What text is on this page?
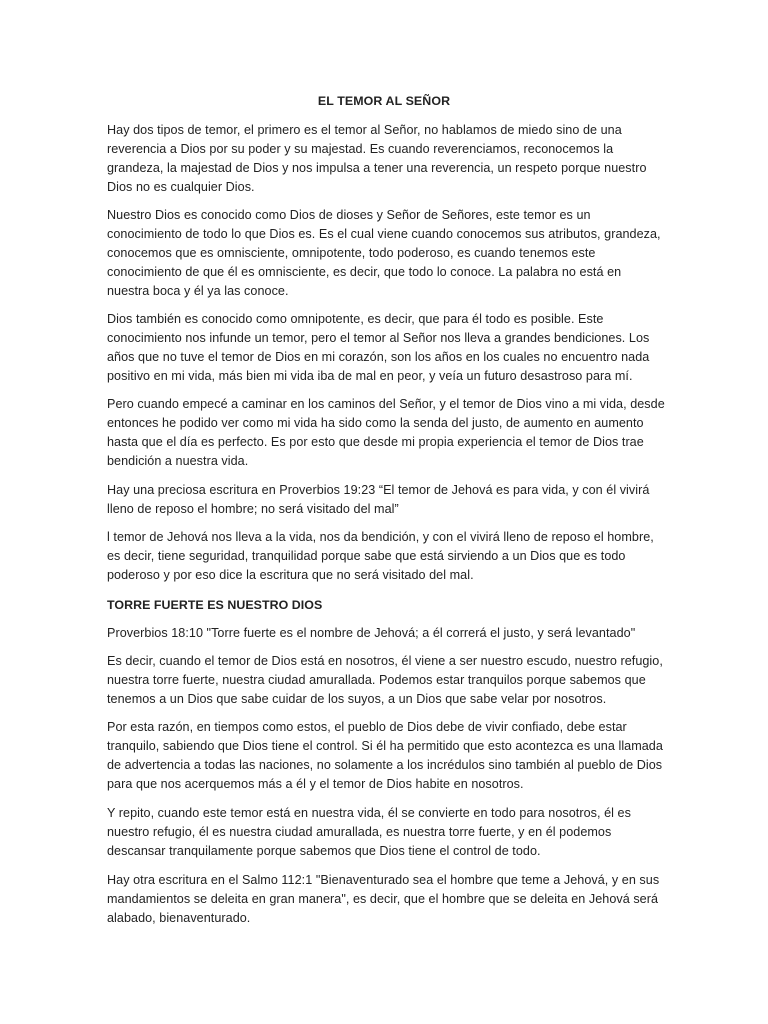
EL TEMOR AL SEÑOR

Hay dos tipos de temor, el primero es el temor al Señor, no hablamos de miedo sino de una reverencia a Dios por su poder y su majestad. Es cuando reverenciamos, reconocemos la grandeza, la majestad de Dios y nos impulsa a tener una reverencia, un respeto porque nuestro Dios no es cualquier Dios.

Nuestro Dios es conocido como Dios de dioses y Señor de Señores, este temor es un conocimiento de todo lo que Dios es. Es el cual viene cuando conocemos sus atributos, grandeza, conocemos que es omnisciente, omnipotente, todo poderoso, es cuando tenemos este conocimiento de que él es omnisciente, es decir, que todo lo conoce. La palabra no está en nuestra boca y él ya las conoce.

Dios también es conocido como omnipotente, es decir, que para él todo es posible. Este conocimiento nos infunde un temor, pero el temor al Señor nos lleva a grandes bendiciones. Los años que no tuve el temor de Dios en mi corazón, son los años en los cuales no encuentro nada positivo en mi vida, más bien mi vida iba de mal en peor, y veía un futuro desastroso para mí.

Pero cuando empecé a caminar en los caminos del Señor, y el temor de Dios vino a mi vida, desde entonces he podido ver como mi vida ha sido como la senda del justo, de aumento en aumento hasta que el día es perfecto. Es por esto que desde mi propia experiencia el temor de Dios trae bendición a nuestra vida.

Hay una preciosa escritura en Proverbios 19:23 “El temor de Jehová es para vida, y con él vivirá lleno de reposo el hombre; no será visitado del mal”

l temor de Jehová nos lleva a la vida, nos da bendición, y con el vivirá lleno de reposo el hombre, es decir, tiene seguridad, tranquilidad porque sabe que está sirviendo a un Dios que es todo poderoso y por eso dice la escritura que no será visitado del mal.

TORRE FUERTE ES NUESTRO DIOS

Proverbios 18:10 "Torre fuerte es el nombre de Jehová; a él correrá el justo, y será levantado"

Es decir, cuando el temor de Dios está en nosotros, él viene a ser nuestro escudo, nuestro refugio, nuestra torre fuerte, nuestra ciudad amurallada. Podemos estar tranquilos porque sabemos que tenemos a un Dios que sabe cuidar de los suyos, a un Dios que sabe velar por nosotros.

Por esta razón, en tiempos como estos, el pueblo de Dios debe de vivir confiado, debe estar tranquilo, sabiendo que Dios tiene el control. Si él ha permitido que esto acontezca es una llamada de advertencia a todas las naciones, no solamente a los incrédulos sino también al pueblo de Dios para que nos acerquemos más a él y el temor de Dios habite en nosotros.

Y repito, cuando este temor está en nuestra vida, él se convierte en todo para nosotros, él es nuestro refugio, él es nuestra ciudad amurallada, es nuestra torre fuerte, y en él podemos descansar tranquilamente porque sabemos que Dios tiene el control de todo.

Hay otra escritura en el Salmo 112:1 "Bienaventurado sea el hombre que teme a Jehová, y en sus mandamientos se deleita en gran manera", es decir, que el hombre que se deleita en Jehová será alabado, bienaventurado.
